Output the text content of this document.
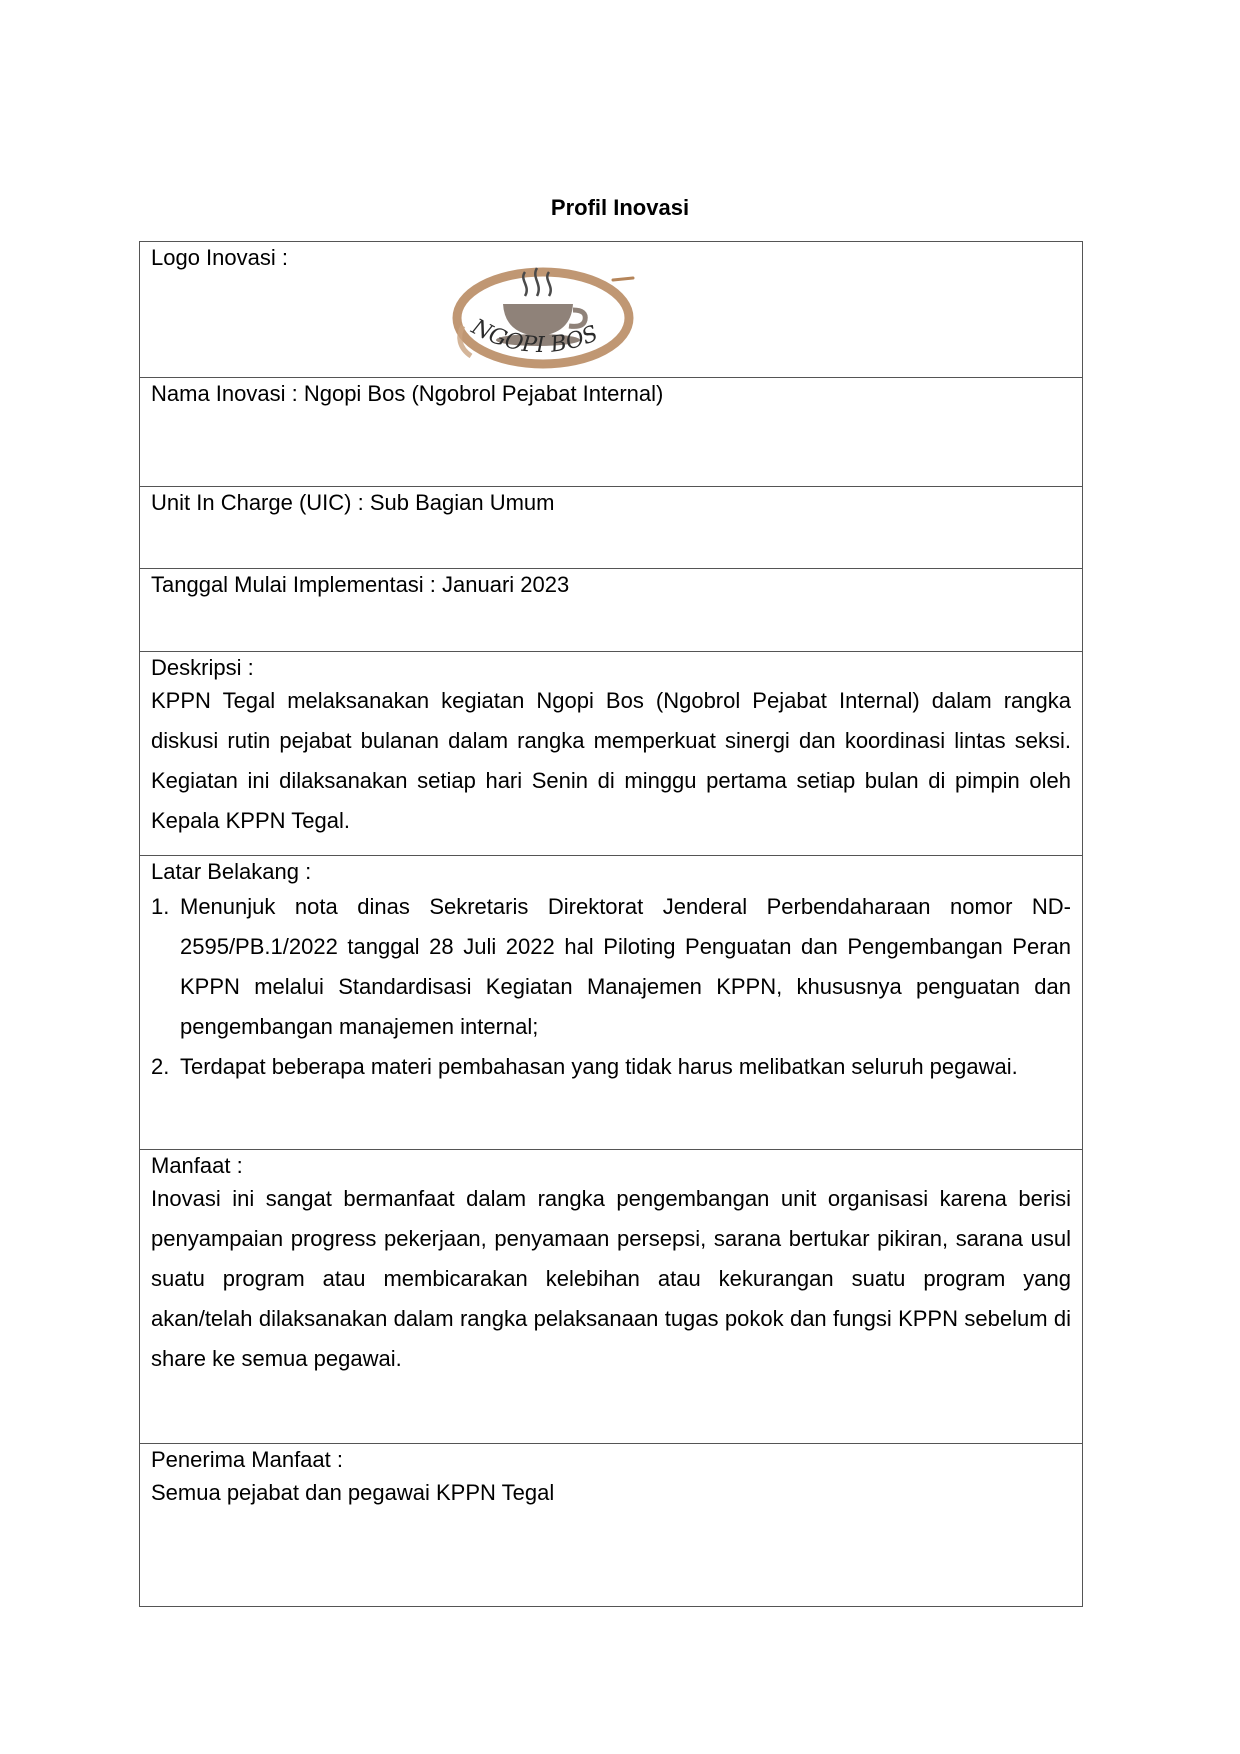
Profil Inovasi
Logo Inovasi :
NGOPI BOS
Nama Inovasi : Ngopi Bos (Ngobrol Pejabat Internal)
Unit In Charge (UIC) : Sub Bagian Umum
Tanggal Mulai Implementasi : Januari 2023
Deskripsi :

KPPN Tegal melaksanakan kegiatan Ngopi Bos (Ngobrol Pejabat Internal) dalam rangka diskusi rutin pejabat bulanan dalam rangka memperkuat sinergi dan koordinasi lintas seksi. Kegiatan ini dilaksanakan setiap hari Senin di minggu pertama setiap bulan di pimpin oleh Kepala KPPN Tegal.

Latar Belakang :
1. Menunjuk nota dinas Sekretaris Direktorat Jenderal Perbendaharaan nomor ND-2595/PB.1/2022 tanggal 28 Juli 2022 hal Piloting Penguatan dan Pengembangan Peran KPPN melalui Standardisasi Kegiatan Manajemen KPPN, khususnya penguatan dan pengembangan manajemen internal;
2. Terdapat beberapa materi pembahasan yang tidak harus melibatkan seluruh pegawai.
Manfaat :

Inovasi ini sangat bermanfaat dalam rangka pengembangan unit organisasi karena berisi penyampaian progress pekerjaan, penyamaan persepsi, sarana bertukar pikiran, sarana usul suatu program atau membicarakan kelebihan atau kekurangan suatu program yang akan/telah dilaksanakan dalam rangka pelaksanaan tugas pokok dan fungsi KPPN sebelum di share ke semua pegawai.

Penerima Manfaat :

Semua pejabat dan pegawai KPPN Tegal
